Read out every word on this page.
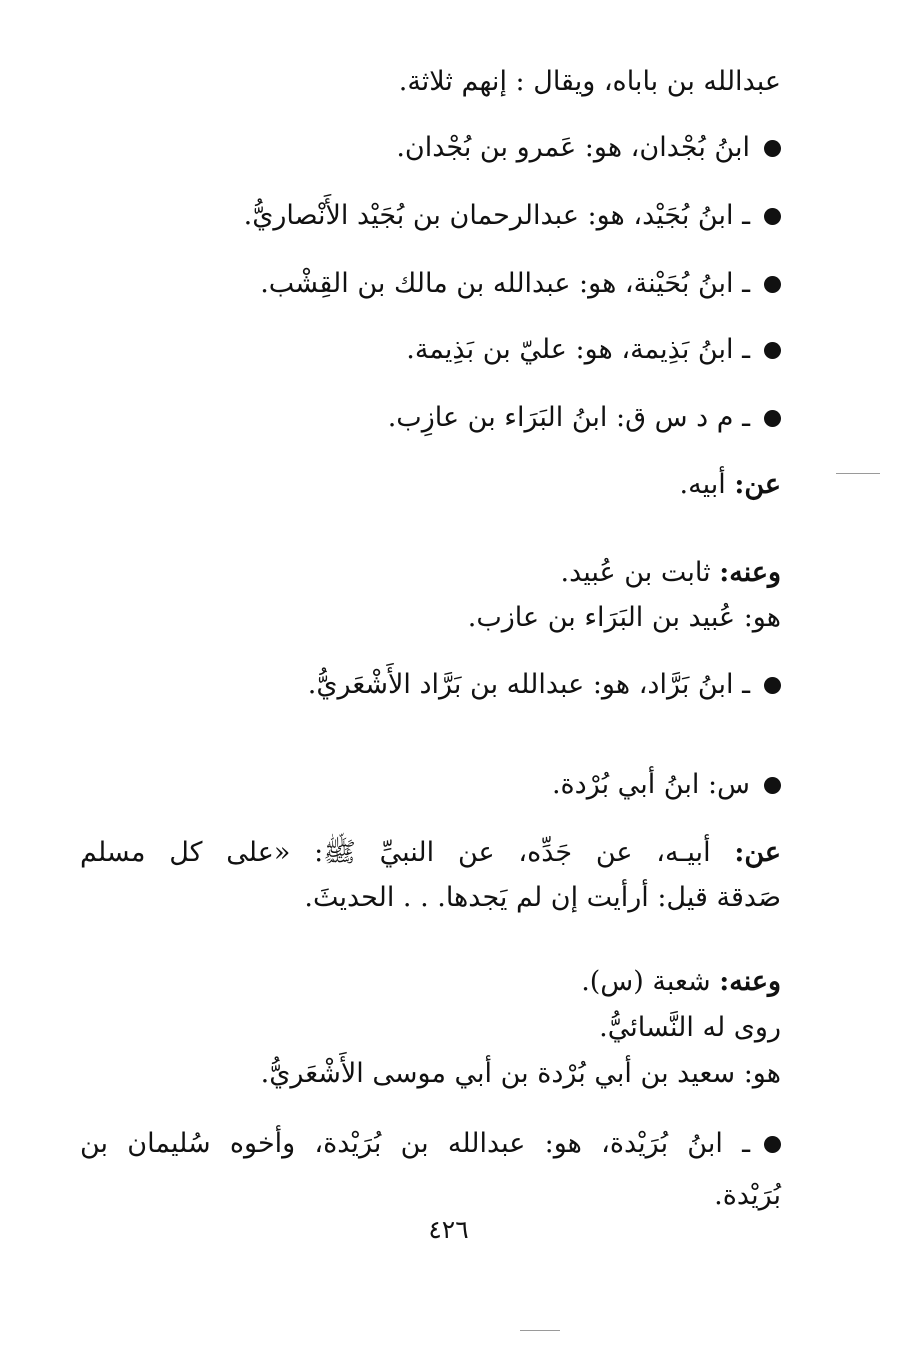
عبدالله بن باباه، ويقال : إنهم ثلاثة.
ابنُ بُجْدان، هو: عَمرو بن بُجْدان.
ـ ابنُ بُجَيْد، هو: عبدالرحمان بن بُجَيْد الأَنْصاريُّ.
ـ ابنُ بُحَيْنة، هو: عبدالله بن مالك بن القِشْب.
ـ ابنُ بَذِيمة، هو: عليّ بن بَذِيمة.
ـ م د س ق: ابنُ البَرَاء بن عازِب.
عن: أبيه.
وعنه: ثابت بن عُبيد.
هو: عُبيد بن البَرَاء بن عازب.
ـ ابنُ بَرَّاد، هو: عبدالله بن بَرَّاد الأَشْعَريُّ.
س: ابنُ أبي بُرْدة.
عن: أبيـه، عن جَدِّه، عن النبيِّ ﷺ: «على كل مسلم
صَدقة قيل: أرأيت إن لم يَجدها. . . الحديثَ.
وعنه: شعبة (س).
روى له النَّسائيُّ.
هو: سعيد بن أبي بُرْدة بن أبي موسى الأَشْعَريُّ.
ـ ابنُ بُرَيْدة، هو: عبدالله بن بُرَيْدة، وأخوه سُليمان بن
بُرَيْدة.
٤٢٦
